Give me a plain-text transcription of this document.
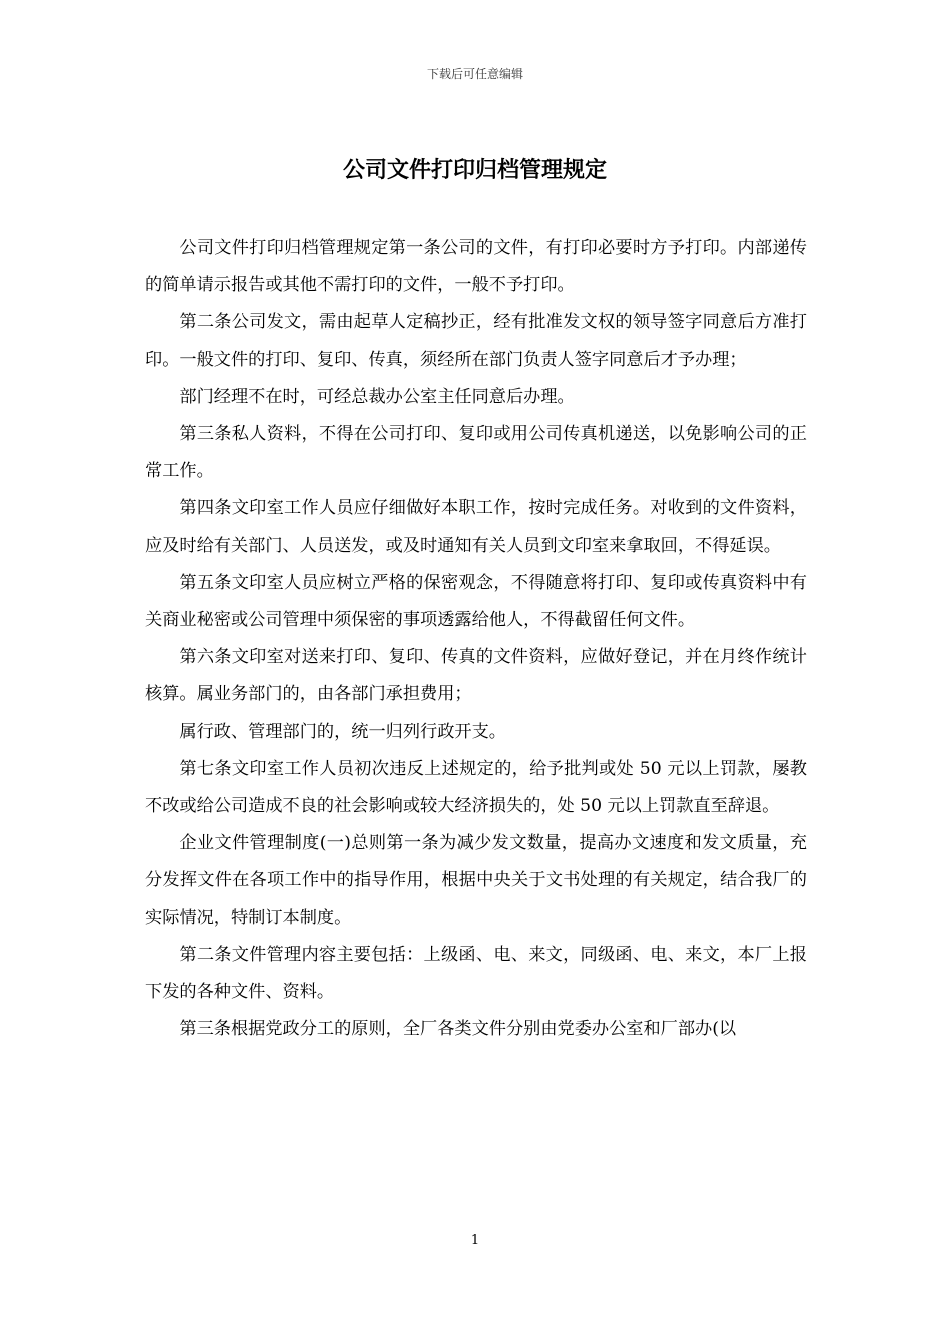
下载后可任意编辑
公司文件打印归档管理规定

公司文件打印归档管理规定第一条公司的文件，有打印必要时方予打印。内部递传的简单请示报告或其他不需打印的文件，一般不予打印。

第二条公司发文，需由起草人定稿抄正，经有批准发文权的领导签字同意后方准打印。一般文件的打印、复印、传真，须经所在部门负责人签字同意后才予办理；

部门经理不在时，可经总裁办公室主任同意后办理。

第三条私人资料，不得在公司打印、复印或用公司传真机递送，以免影响公司的正常工作。

第四条文印室工作人员应仔细做好本职工作，按时完成任务。对收到的文件资料，应及时给有关部门、人员送发，或及时通知有关人员到文印室来拿取回，不得延误。

第五条文印室人员应树立严格的保密观念，不得随意将打印、复印或传真资料中有关商业秘密或公司管理中须保密的事项透露给他人，不得截留任何文件。

第六条文印室对送来打印、复印、传真的文件资料，应做好登记，并在月终作统计核算。属业务部门的，由各部门承担费用；

属行政、管理部门的，统一归列行政开支。

第七条文印室工作人员初次违反上述规定的，给予批判或处 50 元以上罚款，屡教不改或给公司造成不良的社会影响或较大经济损失的，处 50 元以上罚款直至辞退。

企业文件管理制度(一)总则第一条为减少发文数量，提高办文速度和发文质量，充分发挥文件在各项工作中的指导作用，根据中央关于文书处理的有关规定，结合我厂的实际情况，特制订本制度。

第二条文件管理内容主要包括：上级函、电、来文，同级函、电、来文，本厂上报下发的各种文件、资料。

第三条根据党政分工的原则，全厂各类文件分别由党委办公室和厂部办(以

1
